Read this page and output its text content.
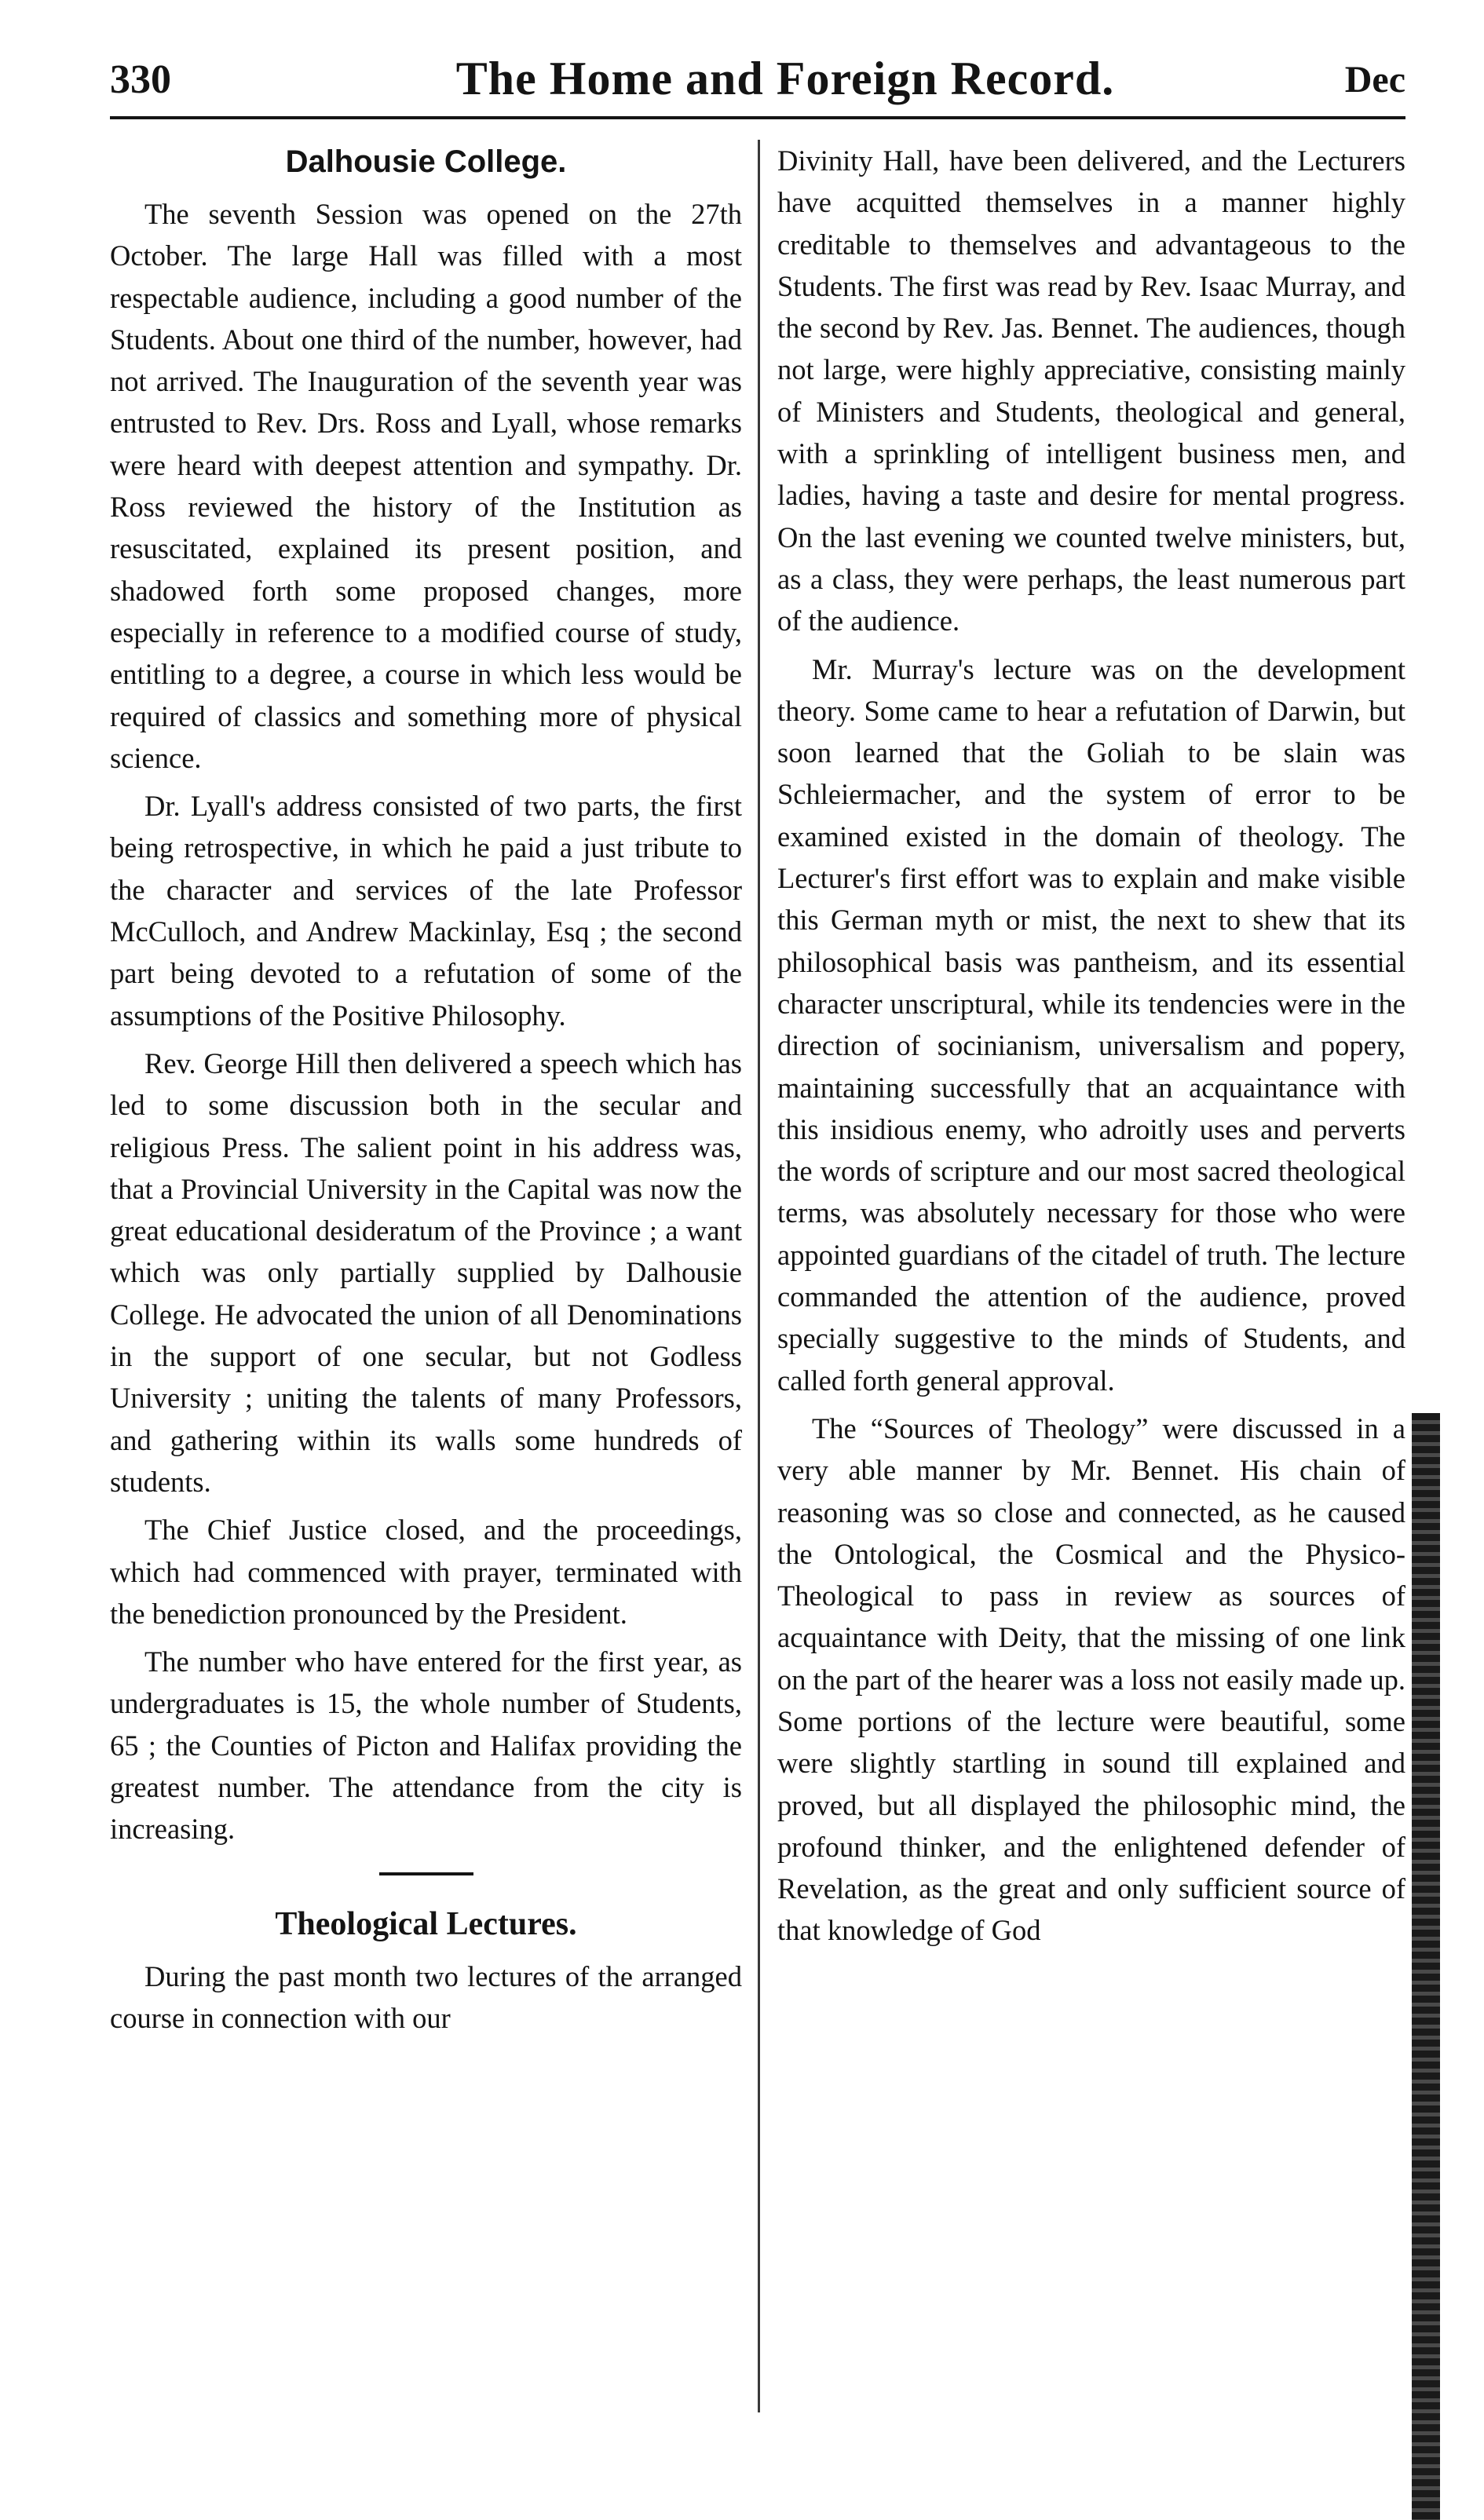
330	The Home and Foreign Record.	Dec
Dalhousie College.

The seventh Session was opened on the 27th October. The large Hall was filled with a most respectable audience, including a good number of the Students. About one third of the number, however, had not arrived. The Inauguration of the seventh year was entrusted to Rev. Drs. Ross and Lyall, whose remarks were heard with deepest attention and sympathy. Dr. Ross reviewed the history of the Institution as resuscitated, explained its present position, and shadowed forth some proposed changes, more especially in reference to a modified course of study, entitling to a degree, a course in which less would be required of classics and something more of physical science.

Dr. Lyall's address consisted of two parts, the first being retrospective, in which he paid a just tribute to the character and services of the late Professor McCulloch, and Andrew Mackinlay, Esq ; the second part being devoted to a refutation of some of the assumptions of the Positive Philosophy.

Rev. George Hill then delivered a speech which has led to some discussion both in the secular and religious Press. The salient point in his address was, that a Provincial University in the Capital was now the great educational desideratum of the Province ; a want which was only partially supplied by Dalhousie College. He advocated the union of all Denominations in the support of one secular, but not Godless University ; uniting the talents of many Professors, and gathering within its walls some hundreds of students.

The Chief Justice closed, and the proceedings, which had commenced with prayer, terminated with the benediction pronounced by the President.

The number who have entered for the first year, as undergraduates is 15, the whole number of Students, 65 ; the Counties of Picton and Halifax providing the greatest number. The attendance from the city is increasing.

Theological Lectures.

During the past month two lectures of the arranged course in connection with our

Divinity Hall, have been delivered, and the Lecturers have acquitted themselves in a manner highly creditable to themselves and advantageous to the Students. The first was read by Rev. Isaac Murray, and the second by Rev. Jas. Bennet. The audiences, though not large, were highly appreciative, consisting mainly of Ministers and Students, theological and general, with a sprinkling of intelligent business men, and ladies, having a taste and desire for mental progress. On the last evening we counted twelve ministers, but, as a class, they were perhaps, the least numerous part of the audience.

Mr. Murray's lecture was on the development theory. Some came to hear a refutation of Darwin, but soon learned that the Goliah to be slain was Schleiermacher, and the system of error to be examined existed in the domain of theology. The Lecturer's first effort was to explain and make visible this German myth or mist, the next to shew that its philosophical basis was pantheism, and its essential character unscriptural, while its tendencies were in the direction of socinianism, universalism and popery, maintaining successfully that an acquaintance with this insidious enemy, who adroitly uses and perverts the words of scripture and our most sacred theological terms, was absolutely necessary for those who were appointed guardians of the citadel of truth. The lecture commanded the attention of the audience, proved specially suggestive to the minds of Students, and called forth general approval.

The “Sources of Theology” were discussed in a very able manner by Mr. Bennet. His chain of reasoning was so close and connected, as he caused the Ontological, the Cosmical and the Physico-Theological to pass in review as sources of acquaintance with Deity, that the missing of one link on the part of the hearer was a loss not easily made up. Some portions of the lecture were beautiful, some were slightly startling in sound till explained and proved, but all displayed the philosophic mind, the profound thinker, and the enlightened defender of Revelation, as the great and only sufficient source of that knowledge of God
